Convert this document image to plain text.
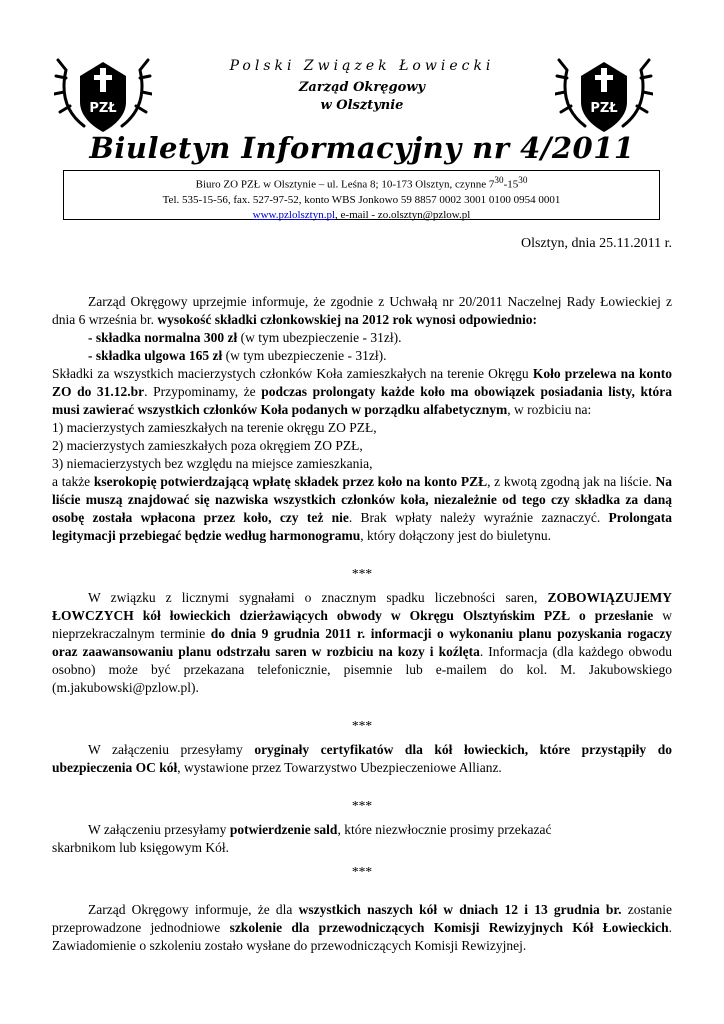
PZŁ	PZŁ
Polski Związek Łowiecki
Zarząd Okręgowy
w Olsztynie
Biuletyn Informacyjny nr 4/2011
Biuro ZO PZŁ w Olsztynie – ul. Leśna 8; 10-173 Olsztyn, czynne $7^{30}-15^{30}$
Tel. 535-15-56, fax. 527-97-52, konto WBS Jonkowo 59 8857 0002 3001 0100 0954 0001
www.pzlolsztyn.pl, e-mail - zo.olsztyn@pzlow.pl
Olsztyn, dnia 25.11.2011 r.

Zarząd Okręgowy uprzejmie informuje, że zgodnie z Uchwałą nr 20/2011 Naczelnej Rady Łowieckiej z dnia 6 września br. wysokość składki członkowskiej na 2012 rok wynosi odpowiednio:

- składka normalna 300 zł (w tym ubezpieczenie - 31zł).

- składka ulgowa 165 zł (w tym ubezpieczenie - 31zł).

Składki za wszystkich macierzystych członków Koła zamieszkałych na terenie Okręgu Koło przelewa na konto ZO do 31.12.br. Przypominamy, że podczas prolongaty każde koło ma obowiązek posiadania listy, która musi zawierać wszystkich członków Koła podanych w porządku alfabetycznym, w rozbiciu na:

1) macierzystych zamieszkałych na terenie okręgu ZO PZŁ,

2) macierzystych zamieszkałych poza okręgiem ZO PZŁ,

3) niemacierzystych bez względu na miejsce zamieszkania,

a także kserokopię potwierdzającą wpłatę składek przez koło na konto PZŁ, z kwotą zgodną jak na liście. Na liście muszą znajdować się nazwiska wszystkich członków koła, niezależnie od tego czy składka za daną osobę została wpłacona przez koło, czy też nie. Brak wpłaty należy wyraźnie zaznaczyć. Prolongata legitymacji przebiegać będzie według harmonogramu, który dołączony jest do biuletynu.

***

W związku z licznymi sygnałami o znacznym spadku liczebności saren, ZOBOWIĄZUJEMY ŁOWCZYCH kół łowieckich dzierżawiących obwody w Okręgu Olsztyńskim PZŁ o przesłanie w nieprzekraczalnym terminie do dnia 9 grudnia 2011 r. informacji o wykonaniu planu pozyskania rogaczy oraz zaawansowaniu planu odstrzału saren w rozbiciu na kozy i koźlęta. Informacja (dla każdego obwodu osobno) może być przekazana telefonicznie, pisemnie lub e-mailem do kol. M. Jakubowskiego (m.jakubowski@pzlow.pl).

***

W załączeniu przesyłamy oryginały certyfikatów dla kół łowieckich, które przystąpiły do ubezpieczenia OC kół, wystawione przez Towarzystwo Ubezpieczeniowe Allianz.

***

W załączeniu przesyłamy potwierdzenie sald, które niezwłocznie prosimy przekazać

skarbnikom lub księgowym Kół.

***

Zarząd Okręgowy informuje, że dla wszystkich naszych kół w dniach 12 i 13 grudnia br. zostanie przeprowadzone jednodniowe szkolenie dla przewodniczących Komisji Rewizyjnych Kół Łowieckich. Zawiadomienie o szkoleniu zostało wysłane do przewodniczących Komisji Rewizyjnej.
